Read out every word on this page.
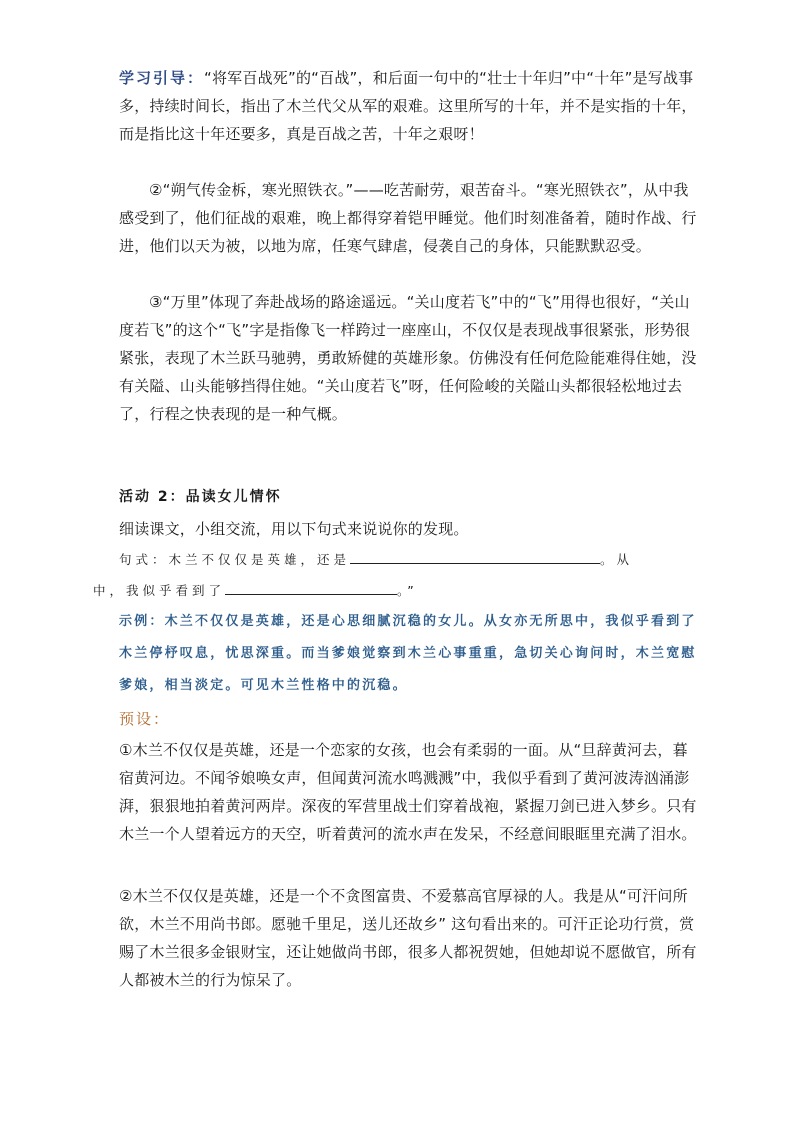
学习引导：“将军百战死”的“百战”，和后面一句中的“壮士十年归”中“十年”是写战事多，持续时间长，指出了木兰代父从军的艰难。这里所写的十年，并不是实指的十年，而是指比这十年还要多，真是百战之苦，十年之艰呀！

②“朔气传金柝，寒光照铁衣。”——吃苦耐劳，艰苦奋斗。“寒光照铁衣”，从中我感受到了，他们征战的艰难，晚上都得穿着铠甲睡觉。他们时刻准备着，随时作战、行进，他们以天为被，以地为席，任寒气肆虐，侵袭自己的身体，只能默默忍受。

③“万里”体现了奔赴战场的路途遥远。“关山度若飞”中的“飞”用得也很好，“关山度若飞”的这个“飞”字是指像飞一样跨过一座座山，不仅仅是表现战事很紧张，形势很紧张，表现了木兰跃马驰骋，勇敢矫健的英雄形象。仿佛没有任何危险能难得住她，没有关隘、山头能够挡得住她。“关山度若飞”呀，任何险峻的关隘山头都很轻松地过去了，行程之快表现的是一种气概。

活动 2：品读女儿情怀

细读课文，小组交流，用以下句式来说说你的发现。

句式：木兰不仅仅是英雄，还是	。从

中，我似乎看到了	。”

示例：木兰不仅仅是英雄，还是心思细腻沉稳的女儿。从女亦无所思中，我似乎看到了木兰停杼叹息，忧思深重。而当爹娘觉察到木兰心事重重，急切关心询问时，木兰宽慰爹娘，相当淡定。可见木兰性格中的沉稳。

预设：

①木兰不仅仅是英雄，还是一个恋家的女孩，也会有柔弱的一面。从“旦辞黄河去，暮宿黄河边。不闻爷娘唤女声，但闻黄河流水鸣溅溅”中，我似乎看到了黄河波涛汹涌澎湃，狠狠地拍着黄河两岸。深夜的军营里战士们穿着战袍，紧握刀剑已进入梦乡。只有木兰一个人望着远方的天空，听着黄河的流水声在发呆，不经意间眼眶里充满了泪水。

②木兰不仅仅是英雄，还是一个不贪图富贵、不爱慕高官厚禄的人。我是从“可汗问所欲，木兰不用尚书郎。愿驰千里足，送儿还故乡” 这句看出来的。可汗正论功行赏，赏赐了木兰很多金银财宝，还让她做尚书郎，很多人都祝贺她，但她却说不愿做官，所有人都被木兰的行为惊呆了。
